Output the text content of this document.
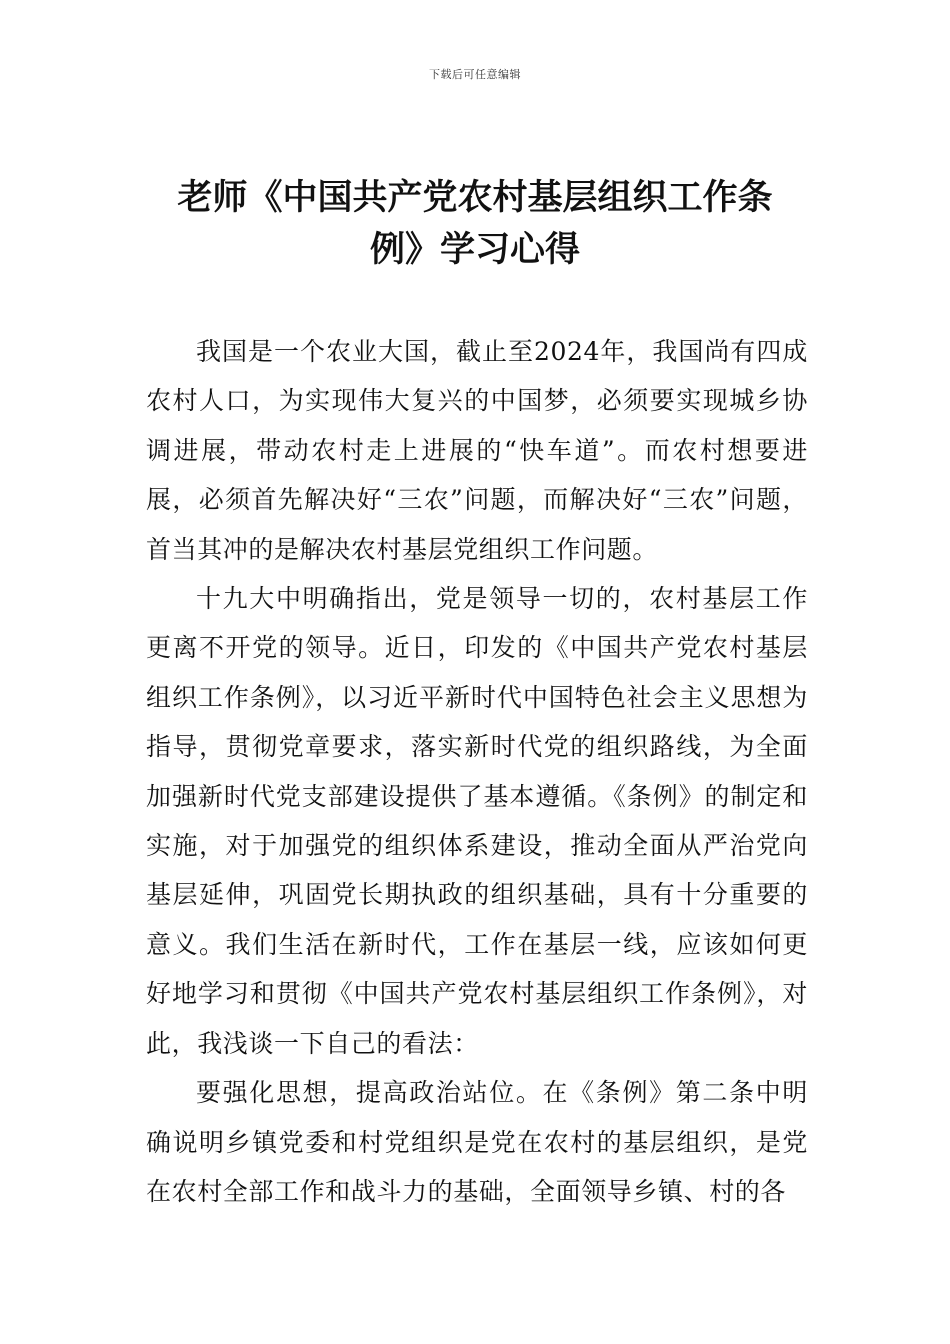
下载后可任意编辑
老师《中国共产党农村基层组织工作条
例》学习心得

我国是一个农业大国，截止至2024年，我国尚有四成农村人口，为实现伟大复兴的中国梦，必须要实现城乡协调进展，带动农村走上进展的“快车道”。而农村想要进展，必须首先解决好“三农”问题，而解决好“三农”问题，首当其冲的是解决农村基层党组织工作问题。

十九大中明确指出，党是领导一切的，农村基层工作更离不开党的领导。近日，印发的《中国共产党农村基层组织工作条例》，以习近平新时代中国特色社会主义思想为指导，贯彻党章要求，落实新时代党的组织路线，为全面加强新时代党支部建设提供了基本遵循。《条例》的制定和实施，对于加强党的组织体系建设，推动全面从严治党向基层延伸，巩固党长期执政的组织基础，具有十分重要的意义。我们生活在新时代，工作在基层一线，应该如何更好地学习和贯彻《中国共产党农村基层组织工作条例》，对此，我浅谈一下自己的看法：

要强化思想，提高政治站位。在《条例》第二条中明确说明乡镇党委和村党组织是党在农村的基层组织，是党在农村全部工作和战斗力的基础，全面领导乡镇、村的各
